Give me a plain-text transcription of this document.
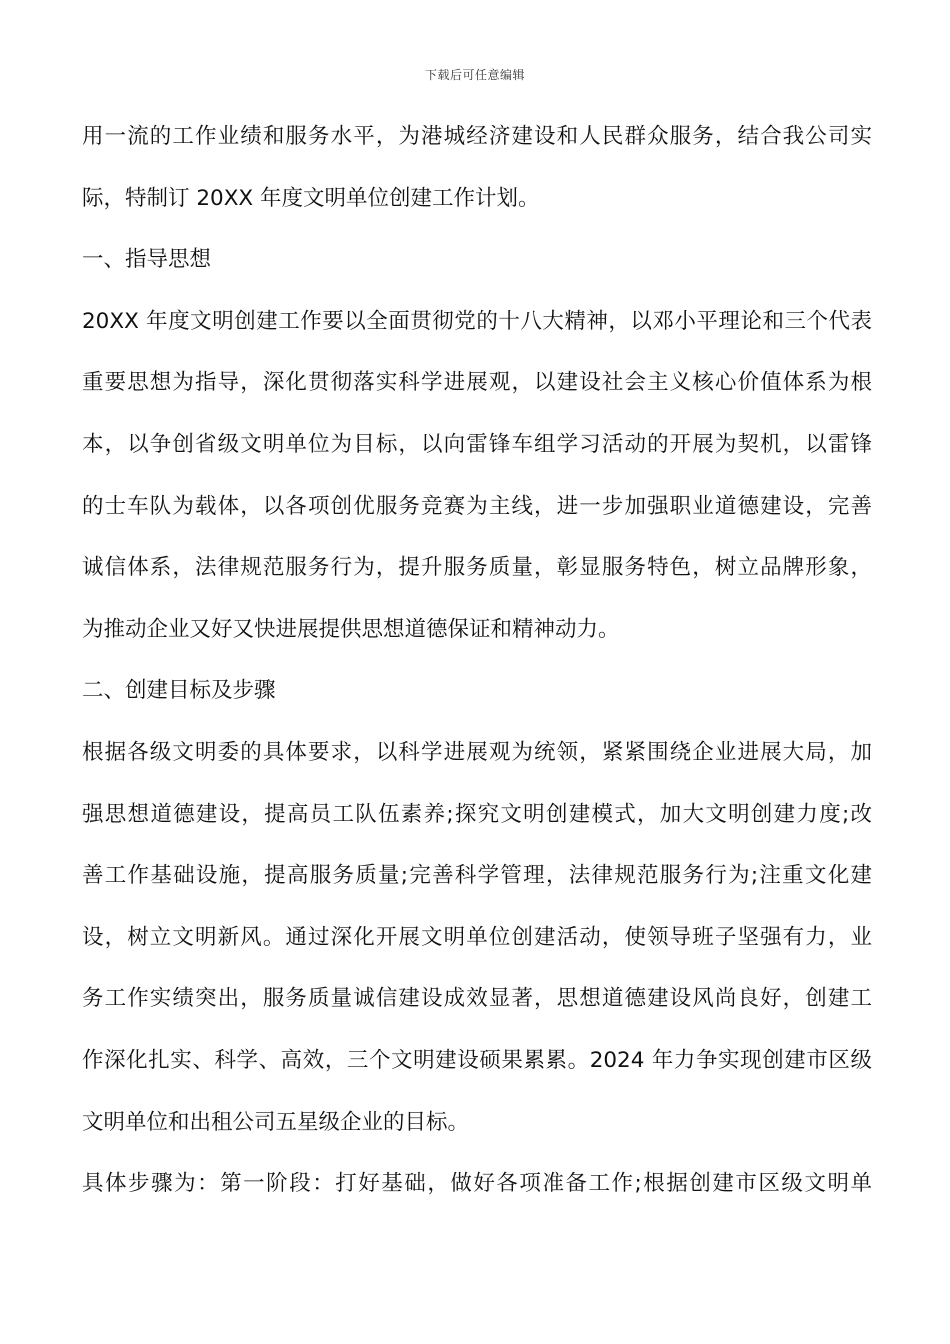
下载后可任意编辑
用一流的工作业绩和服务水平，为港城经济建设和人民群众服务，结合我公司实
际，特制订 20XX 年度文明单位创建工作计划。
一、指导思想
20XX 年度文明创建工作要以全面贯彻党的十八大精神，以邓小平理论和三个代表
重要思想为指导，深化贯彻落实科学进展观，以建设社会主义核心价值体系为根
本，以争创省级文明单位为目标，以向雷锋车组学习活动的开展为契机，以雷锋
的士车队为载体，以各项创优服务竞赛为主线，进一步加强职业道德建设，完善
诚信体系，法律规范服务行为，提升服务质量，彰显服务特色，树立品牌形象，
为推动企业又好又快进展提供思想道德保证和精神动力。
二、创建目标及步骤
根据各级文明委的具体要求，以科学进展观为统领，紧紧围绕企业进展大局，加
强思想道德建设，提高员工队伍素养;探究文明创建模式，加大文明创建力度;改
善工作基础设施，提高服务质量;完善科学管理，法律规范服务行为;注重文化建
设，树立文明新风。通过深化开展文明单位创建活动，使领导班子坚强有力，业
务工作实绩突出，服务质量诚信建设成效显著，思想道德建设风尚良好，创建工
作深化扎实、科学、高效，三个文明建设硕果累累。2024 年力争实现创建市区级
文明单位和出租公司五星级企业的目标。
具体步骤为：第一阶段：打好基础，做好各项准备工作;根据创建市区级文明单
